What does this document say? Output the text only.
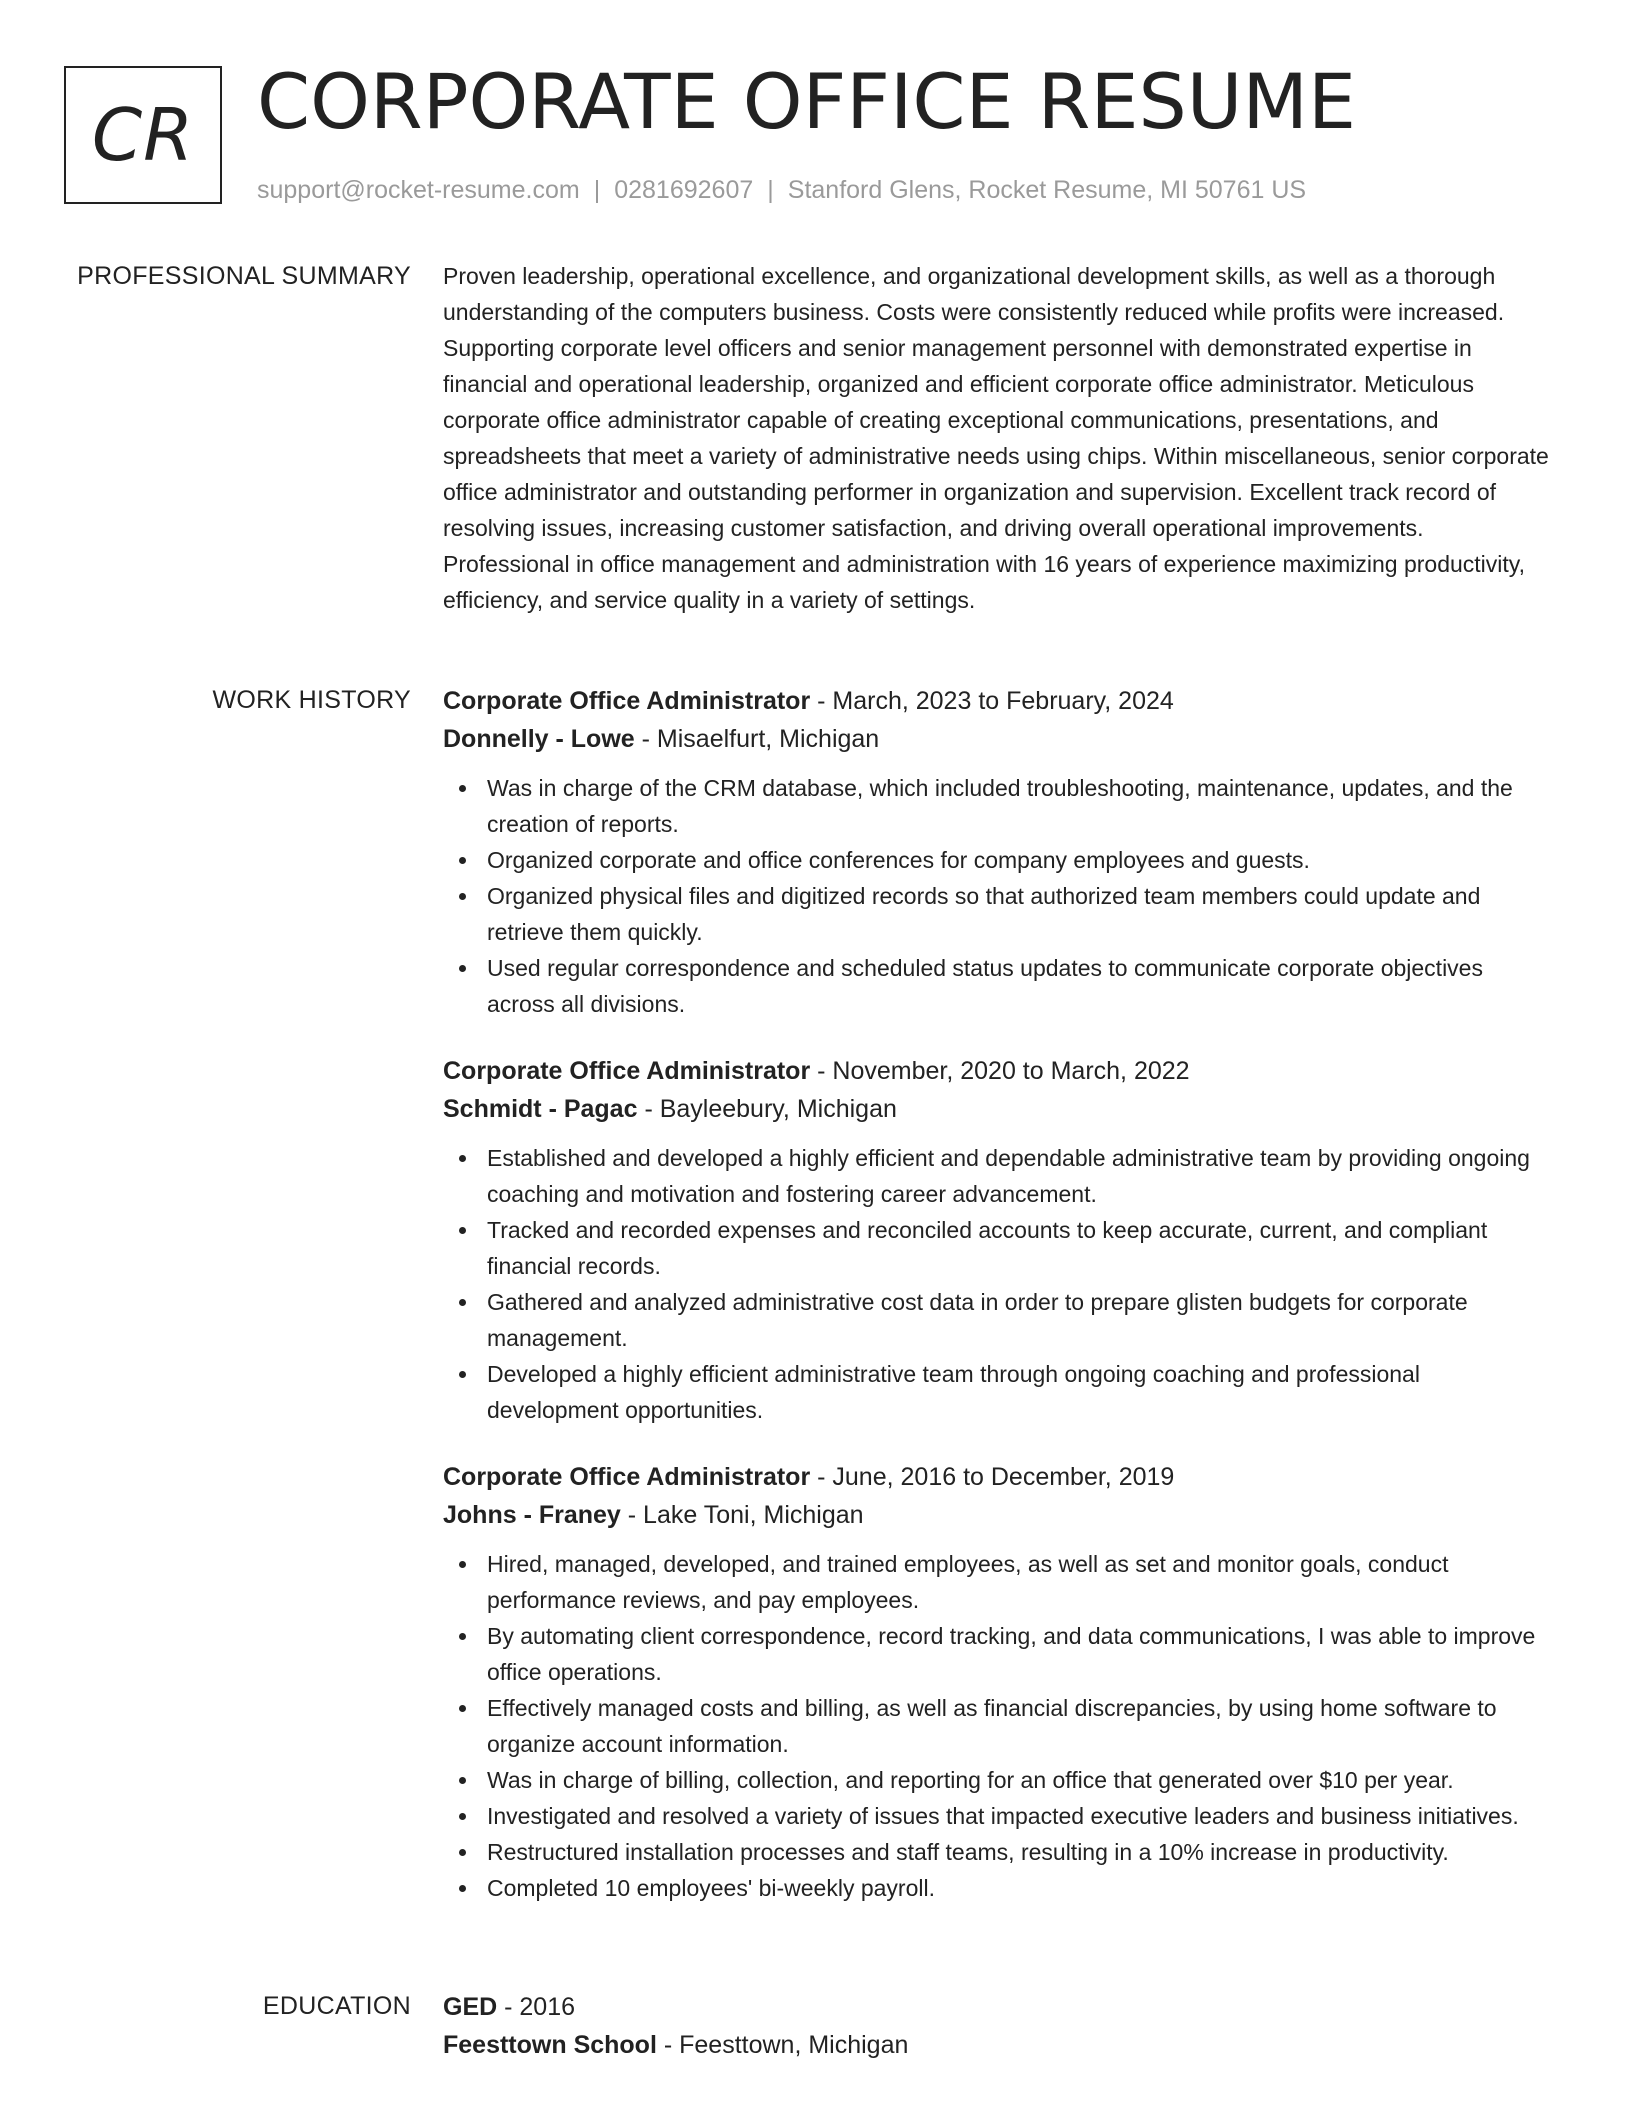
CR CORPORATE OFFICE RESUME
support@rocket-resume.com | 0281692607 | Stanford Glens, Rocket Resume, MI 50761 US
PROFESSIONAL SUMMARY Proven leadership, operational excellence, and organizational development skills, as well as a thorough understanding of the computers business. Costs were consistently reduced while profits were increased. Supporting corporate level officers and senior management personnel with demonstrated expertise in financial and operational leadership, organized and efficient corporate office administrator. Meticulous corporate office administrator capable of creating exceptional communications, presentations, and spreadsheets that meet a variety of administrative needs using chips. Within miscellaneous, senior corporate office administrator and outstanding performer in organization and supervision. Excellent track record of resolving issues, increasing customer satisfaction, and driving overall operational improvements. Professional in office management and administration with 16 years of experience maximizing productivity, efficiency, and service quality in a variety of settings.

WORK HISTORY Corporate Office Administrator - March, 2023 to February, 2024
Donnelly - Lowe - Misaelfurt, Michigan
Was in charge of the CRM database, which included troubleshooting, maintenance, updates, and the creation of reports.
Organized corporate and office conferences for company employees and guests.
Organized physical files and digitized records so that authorized team members could update and retrieve them quickly.
Used regular correspondence and scheduled status updates to communicate corporate objectives across all divisions.
Corporate Office Administrator - November, 2020 to March, 2022
Schmidt - Pagac - Bayleebury, Michigan
Established and developed a highly efficient and dependable administrative team by providing ongoing coaching and motivation and fostering career advancement.
Tracked and recorded expenses and reconciled accounts to keep accurate, current, and compliant financial records.
Gathered and analyzed administrative cost data in order to prepare glisten budgets for corporate management.
Developed a highly efficient administrative team through ongoing coaching and professional development opportunities.
Corporate Office Administrator - June, 2016 to December, 2019
Johns - Franey - Lake Toni, Michigan
Hired, managed, developed, and trained employees, as well as set and monitor goals, conduct performance reviews, and pay employees.
By automating client correspondence, record tracking, and data communications, I was able to improve office operations.
Effectively managed costs and billing, as well as financial discrepancies, by using home software to organize account information.
Was in charge of billing, collection, and reporting for an office that generated over $10 per year.
Investigated and resolved a variety of issues that impacted executive leaders and business initiatives.
Restructured installation processes and staff teams, resulting in a 10% increase in productivity.
Completed 10 employees' bi-weekly payroll.
EDUCATION GED - 2016
Feesttown School - Feesttown, Michigan
